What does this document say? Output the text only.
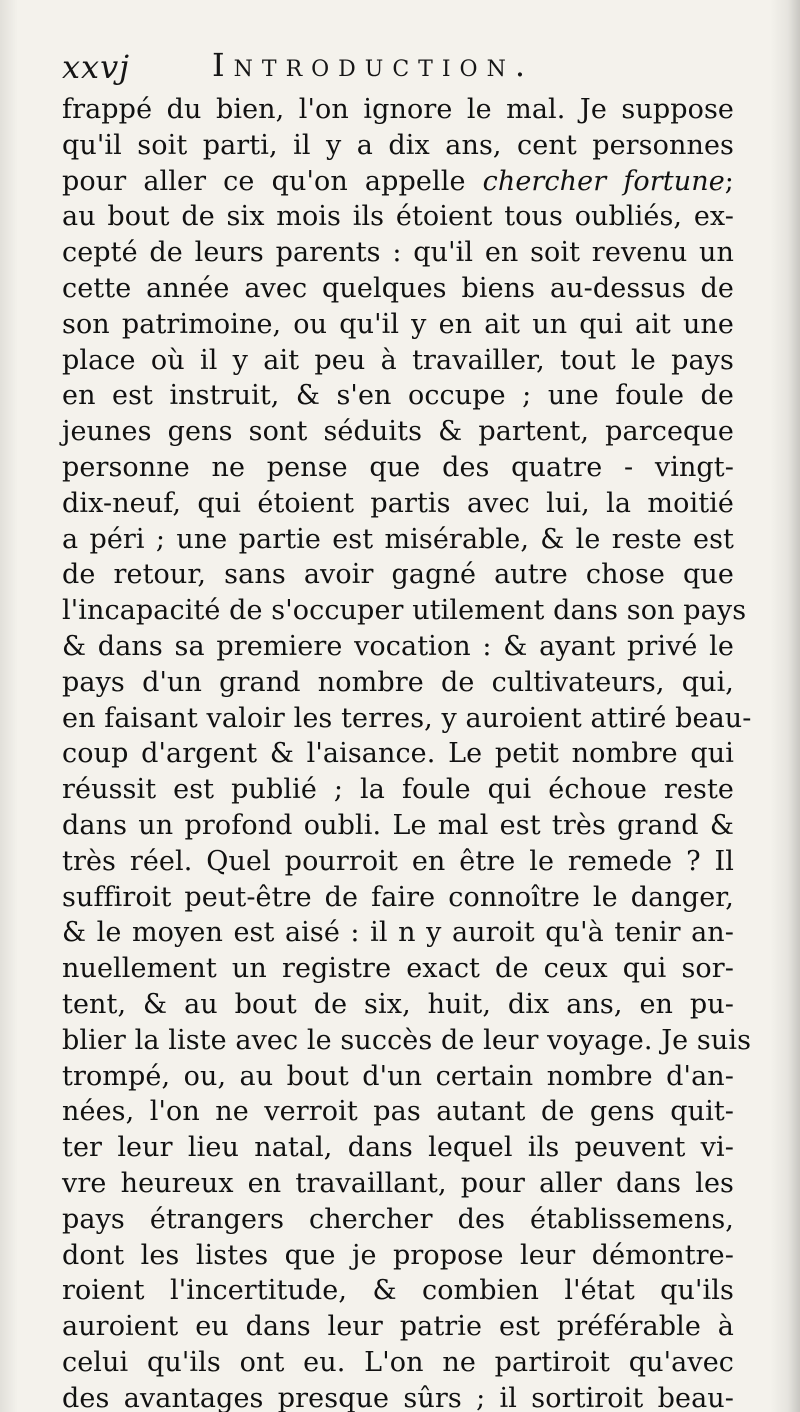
xxvj	Introduction.
frappé du bien, l'on ignore le mal. Je suppose
qu'il soit parti, il y a dix ans, cent personnes
pour aller ce qu'on appelle chercher fortune;
au bout de six mois ils étoient tous oubliés, ex-
cepté de leurs parents : qu'il en soit revenu un
cette année avec quelques biens au-dessus de
son patrimoine, ou qu'il y en ait un qui ait une
place où il y ait peu à travailler, tout le pays
en est instruit, & s'en occupe ; une foule de
jeunes gens sont séduits & partent, parceque
personne ne pense que des quatre - vingt-
dix-neuf, qui étoient partis avec lui, la moitié
a péri ; une partie est misérable, & le reste est
de retour, sans avoir gagné autre chose que
l'incapacité de s'occuper utilement dans son pays
& dans sa premiere vocation : & ayant privé le
pays d'un grand nombre de cultivateurs, qui,
en faisant valoir les terres, y auroient attiré beau-
coup d'argent & l'aisance. Le petit nombre qui
réussit est publié ; la foule qui échoue reste
dans un profond oubli. Le mal est très grand &
très réel. Quel pourroit en être le remede ? Il
suffiroit peut-être de faire connoître le danger,
& le moyen est aisé : il n y auroit qu'à tenir an-
nuellement un registre exact de ceux qui sor-
tent, & au bout de six, huit, dix ans, en pu-
blier la liste avec le succès de leur voyage. Je suis
trompé, ou, au bout d'un certain nombre d'an-
nées, l'on ne verroit pas autant de gens quit-
ter leur lieu natal, dans lequel ils peuvent vi-
vre heureux en travaillant, pour aller dans les
pays étrangers chercher des établissemens,
dont les listes que je propose leur démontre-
roient l'incertitude, & combien l'état qu'ils
auroient eu dans leur patrie est préférable à
celui qu'ils ont eu. L'on ne partiroit qu'avec
des avantages presque sûrs ; il sortiroit beau-
